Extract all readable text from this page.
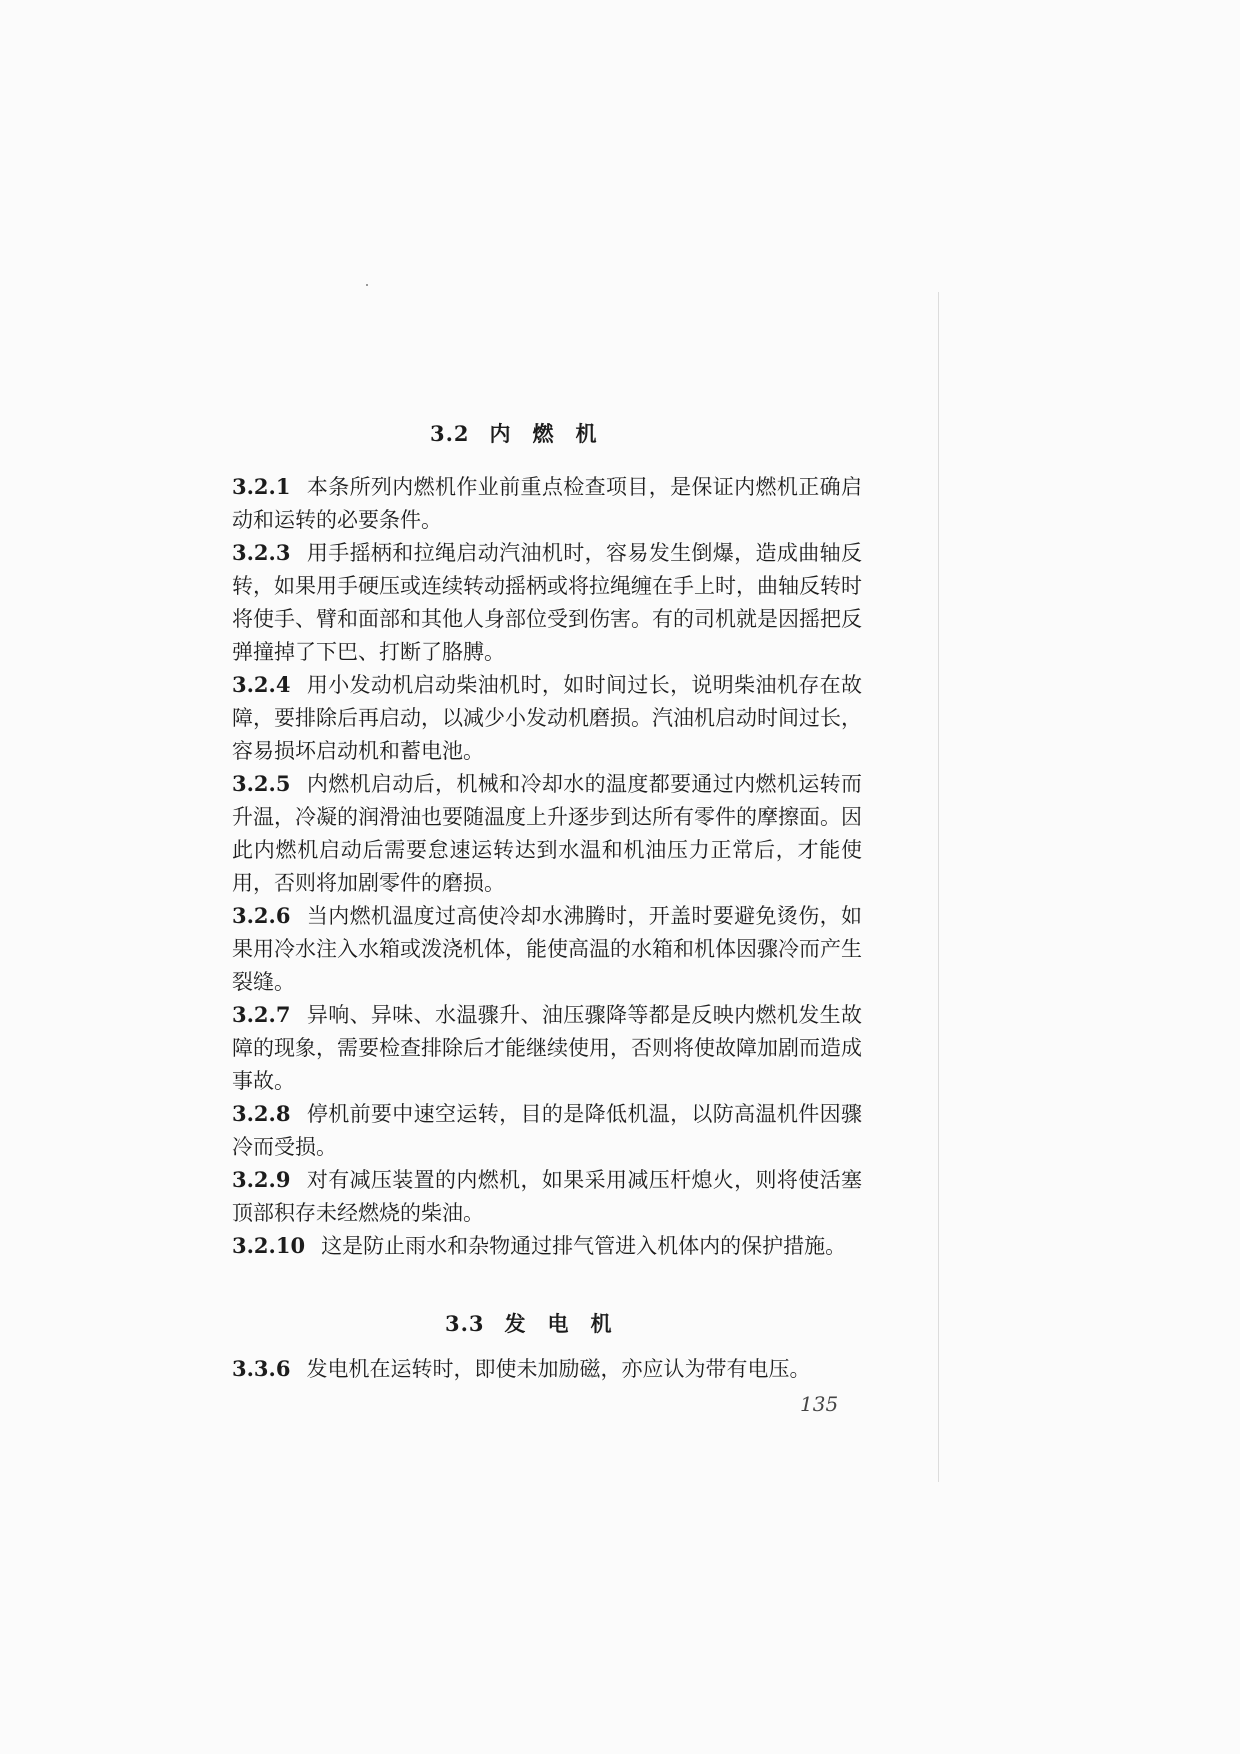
3.2 内燃机
3.2.1 本条所列内燃机作业前重点检查项目，是保证内燃机正确启动和运转的必要条件。
3.2.3 用手摇柄和拉绳启动汽油机时，容易发生倒爆，造成曲轴反转，如果用手硬压或连续转动摇柄或将拉绳缠在手上时，曲轴反转时将使手、臂和面部和其他人身部位受到伤害。有的司机就是因摇把反弹撞掉了下巴、打断了胳膊。
3.2.4 用小发动机启动柴油机时，如时间过长，说明柴油机存在故障，要排除后再启动，以减少小发动机磨损。汽油机启动时间过长，容易损坏启动机和蓄电池。
3.2.5 内燃机启动后，机械和冷却水的温度都要通过内燃机运转而升温，冷凝的润滑油也要随温度上升逐步到达所有零件的摩擦面。因此内燃机启动后需要怠速运转达到水温和机油压力正常后，才能使用，否则将加剧零件的磨损。
3.2.6 当内燃机温度过高使冷却水沸腾时，开盖时要避免烫伤，如果用冷水注入水箱或泼浇机体，能使高温的水箱和机体因骤冷而产生裂缝。
3.2.7 异响、异味、水温骤升、油压骤降等都是反映内燃机发生故障的现象，需要检查排除后才能继续使用，否则将使故障加剧而造成事故。
3.2.8 停机前要中速空运转，目的是降低机温，以防高温机件因骤冷而受损。
3.2.9 对有减压装置的内燃机，如果采用减压杆熄火，则将使活塞顶部积存未经燃烧的柴油。
3.2.10 这是防止雨水和杂物通过排气管进入机体内的保护措施。
3.3 发电机
3.3.6 发电机在运转时，即使未加励磁，亦应认为带有电压。
135
